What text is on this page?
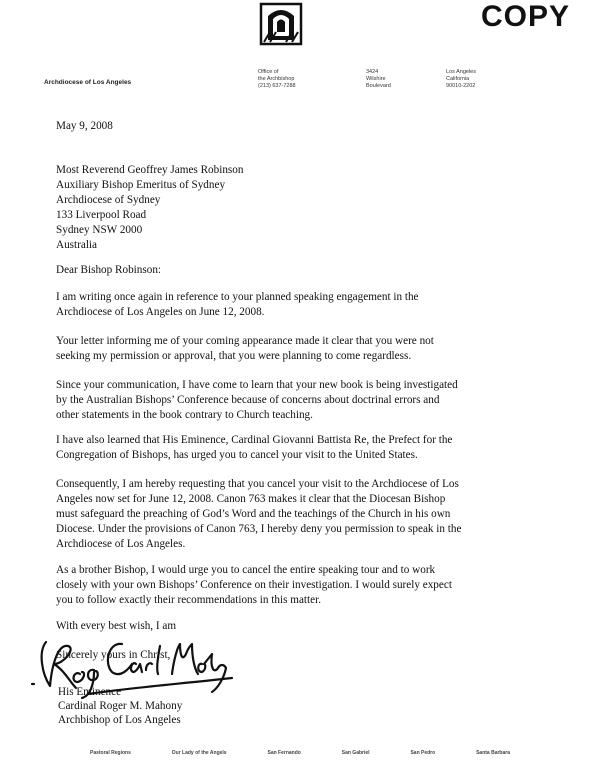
COPY
Archdiocese of Los Angeles
Office of
the Archbishop
(213) 637-7288
3424
Wilshire
Boulevard
Los Angeles
California
90010-2202
May 9, 2008
Most Reverend Geoffrey James Robinson
Auxiliary Bishop Emeritus of Sydney
Archdiocese of Sydney
133 Liverpool Road
Sydney NSW 2000
Australia
Dear Bishop Robinson:
I am writing once again in reference to your planned speaking engagement in the
Archdiocese of Los Angeles on June 12, 2008.
Your letter informing me of your coming appearance made it clear that you were not
seeking my permission or approval, that you were planning to come regardless.
Since your communication, I have come to learn that your new book is being investigated
by the Australian Bishops’ Conference because of concerns about doctrinal errors and
other statements in the book contrary to Church teaching.
I have also learned that His Eminence, Cardinal Giovanni Battista Re, the Prefect for the
Congregation of Bishops, has urged you to cancel your visit to the United States.
Consequently, I am hereby requesting that you cancel your visit to the Archdiocese of Los
Angeles now set for June 12, 2008. Canon 763 makes it clear that the Diocesan Bishop
must safeguard the preaching of God’s Word and the teachings of the Church in his own
Diocese. Under the provisions of Canon 763, I hereby deny you permission to speak in the
Archdiocese of Los Angeles.
As a brother Bishop, I would urge you to cancel the entire speaking tour and to work
closely with your own Bishops’ Conference on their investigation. I would surely expect
you to follow exactly their recommendations in this matter.
With every best wish, I am
Sincerely yours in Christ,
His Eminence
Cardinal Roger M. Mahony
Archbishop of Los Angeles
Pastoral Regions	Our Lady of the Angels	San Fernando	San Gabriel	San Pedro	Santa Barbara
